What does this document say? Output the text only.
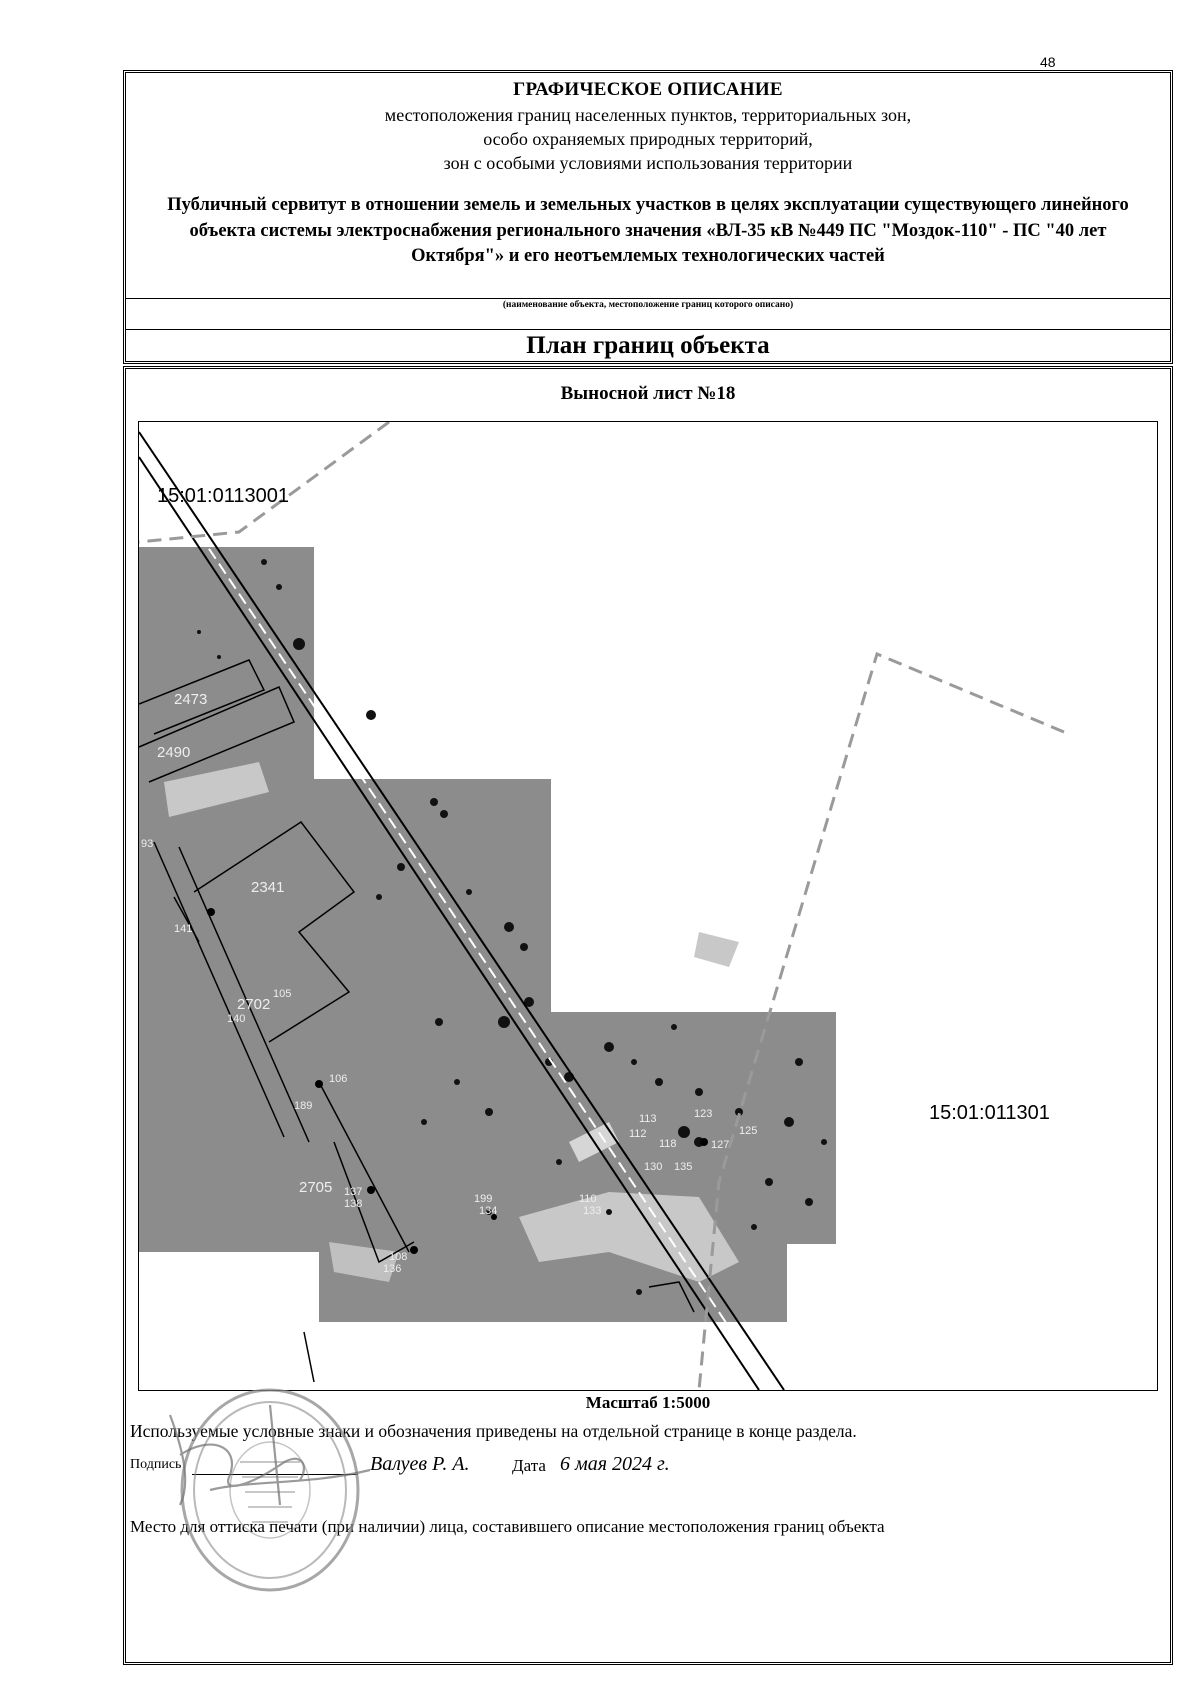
48
ГРАФИЧЕСКОЕ ОПИСАНИЕ
местоположения границ населенных пунктов, территориальных зон,
особо охраняемых природных территорий,
зон с особыми условиями использования территории
Публичный сервитут в отношении земель и земельных участков в целях эксплуатации существующего линейного объекта системы электроснабжения регионального значения «ВЛ-35 кВ №449 ПС "Моздок-110" - ПС "40 лет Октября"» и его неотъемлемых технологических частей
(наименование объекта, местоположение границ которого описано)
План границ объекта
Выносной лист №18
15:01:0113001
15:01:011301
2473
2490
2341
2702
2705
93
105
106
140
141
189
137
138	199
134
110
133
112
113
118
123
125
127
130 135
108
136
Масштаб 1:5000
Используемые условные знаки и обозначения приведены на отдельной странице в конце раздела.
Подпись	Валуев Р. А. Дата 6 мая 2024 г.
Место для оттиска печати (при наличии) лица, составившего описание местоположения границ объекта
